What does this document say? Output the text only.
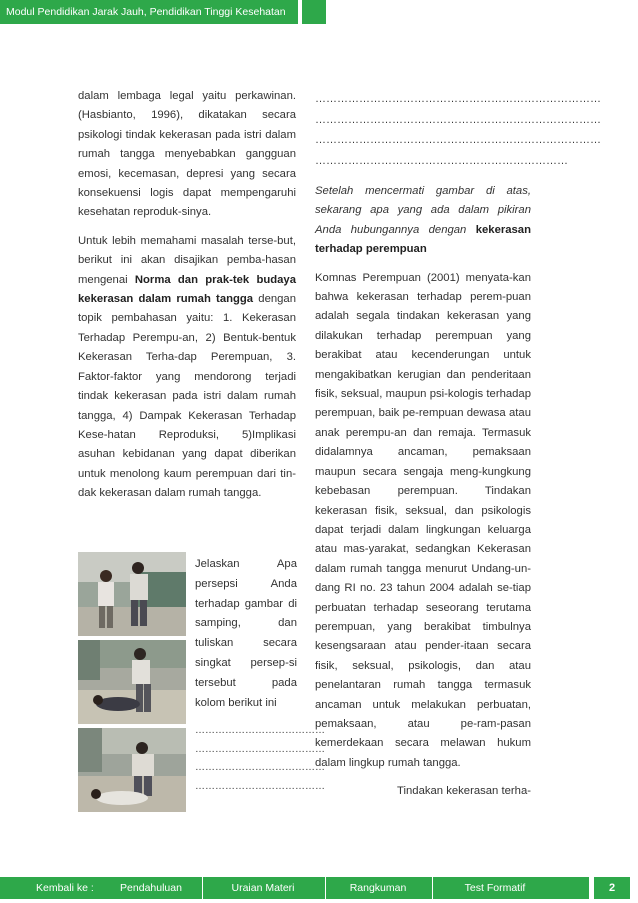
Modul Pendidikan Jarak Jauh, Pendidikan Tinggi Kesehatan

dalam lembaga legal yaitu perkawinan. (Hasbianto, 1996), dikatakan secara psikologi tindak kekerasan pada istri dalam rumah tangga menyebabkan gangguan emosi, kecemasan, depresi yang secara konsekuensi logis dapat mempengaruhi kesehatan reproduk-sinya.

Untuk lebih memahami masalah terse-but, berikut ini akan disajikan pemba-hasan mengenai Norma dan prak-tek budaya kekerasan dalam rumah tangga dengan topik pembahasan yaitu: 1. Kekerasan Terhadap Perempu-an, 2) Bentuk-bentuk Kekerasan Terha-dap Perempuan, 3. Faktor-faktor yang mendorong terjadi tindak kekerasan pada istri dalam rumah tangga, 4) Dampak Kekerasan Terhadap Kese-hatan Reproduksi, 5)Implikasi asuhan kebidanan yang dapat diberikan untuk menolong kaum perempuan dari tin-dak kekerasan dalam rumah tangga.

Jelaskan Apa persepsi Anda terhadap gambar di samping, dan tuliskan secara singkat persep-si tersebut pada kolom berikut ini
…………………………………
…………………………………
…………………………………
…………………………………
……………………………………………………………………
……………………………………………………………………
……………………………………………………………………
……………………………………………………………

Setelah mencermati gambar di atas, sekarang apa yang ada dalam pikiran Anda hubungannya dengan kekerasan terhadap perempuan

Komnas Perempuan (2001) menyata-kan bahwa kekerasan terhadap perem-puan adalah segala tindakan kekerasan yang dilakukan terhadap perempuan yang berakibat atau kecenderungan untuk mengakibatkan kerugian dan penderitaan fisik, seksual, maupun psi-kologis terhadap perempuan, baik pe-rempuan dewasa atau anak perempu-an dan remaja. Termasuk didalamnya ancaman, pemaksaan maupun secara sengaja meng-kungkung kebebasan perempuan. Tindakan kekerasan fisik, seksual, dan psikologis dapat terjadi dalam lingkungan keluarga atau mas-yarakat, sedangkan Kekerasan dalam rumah tangga menurut Undang-un-dang RI no. 23 tahun 2004 adalah se-tiap perbuatan terhadap seseorang terutama perempuan, yang berakibat timbulnya kesengsaraan atau pender-itaan secara fisik, seksual, psikologis, dan atau penelantaran rumah tangga termasuk ancaman untuk melakukan perbuatan, pemaksaan, atau pe-ram-pasan kemerdekaan secara melawan hukum dalam lingkup rumah tangga.

Tindakan kekerasan terha-

Kembali ke :	Pendahuluan	Uraian Materi	Rangkuman	Test Formatif	2
